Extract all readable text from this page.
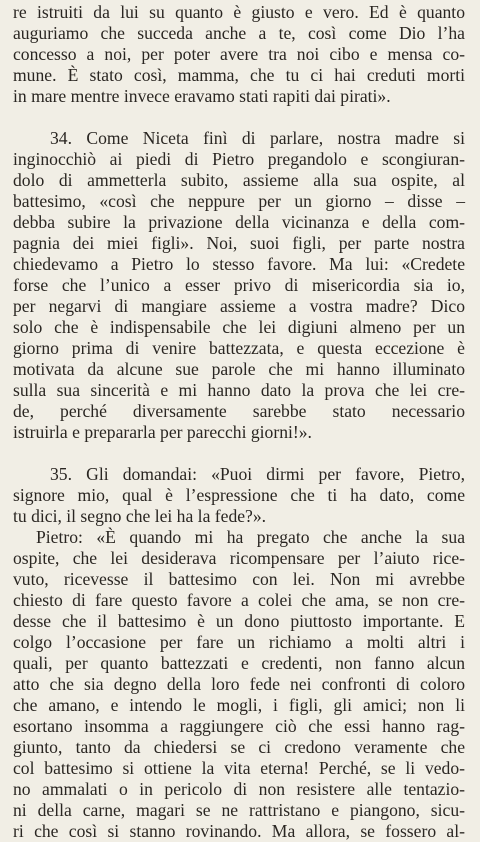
re istruiti da lui su quanto è giusto e vero. Ed è quanto
auguriamo che succeda anche a te, così come Dio l’ha
concesso a noi, per poter avere tra noi cibo e mensa co-
mune. È stato così, mamma, che tu ci hai creduti morti
in mare mentre invece eravamo stati rapiti dai pirati».
34. Come Niceta finì di parlare, nostra madre si
inginocchiò ai piedi di Pietro pregandolo e scongiuran-
dolo di ammetterla subito, assieme alla sua ospite, al
battesimo, «così che neppure per un giorno – disse –
debba subire la privazione della vicinanza e della com-
pagnia dei miei figli». Noi, suoi figli, per parte nostra
chiedevamo a Pietro lo stesso favore. Ma lui: «Credete
forse che l’unico a esser privo di misericordia sia io,
per negarvi di mangiare assieme a vostra madre? Dico
solo che è indispensabile che lei digiuni almeno per un
giorno prima di venire battezzata, e questa eccezione è
motivata da alcune sue parole che mi hanno illuminato
sulla sua sincerità e mi hanno dato la prova che lei cre-
de, perché diversamente sarebbe stato necessario
istruirla e prepararla per parecchi giorni!».
35. Gli domandai: «Puoi dirmi per favore, Pietro,
signore mio, qual è l’espressione che ti ha dato, come
tu dici, il segno che lei ha la fede?».
Pietro: «È quando mi ha pregato che anche la sua
ospite, che lei desiderava ricompensare per l’aiuto rice-
vuto, ricevesse il battesimo con lei. Non mi avrebbe
chiesto di fare questo favore a colei che ama, se non cre-
desse che il battesimo è un dono piuttosto importante. E
colgo l’occasione per fare un richiamo a molti altri i
quali, per quanto battezzati e credenti, non fanno alcun
atto che sia degno della loro fede nei confronti di coloro
che amano, e intendo le mogli, i figli, gli amici; non li
esortano insomma a raggiungere ciò che essi hanno rag-
giunto, tanto da chiedersi se ci credono veramente che
col battesimo si ottiene la vita eterna! Perché, se li vedo-
no ammalati o in pericolo di non resistere alle tentazio-
ni della carne, magari se ne rattristano e piangono, sicu-
ri che così si stanno rovinando. Ma allora, se fossero al-
